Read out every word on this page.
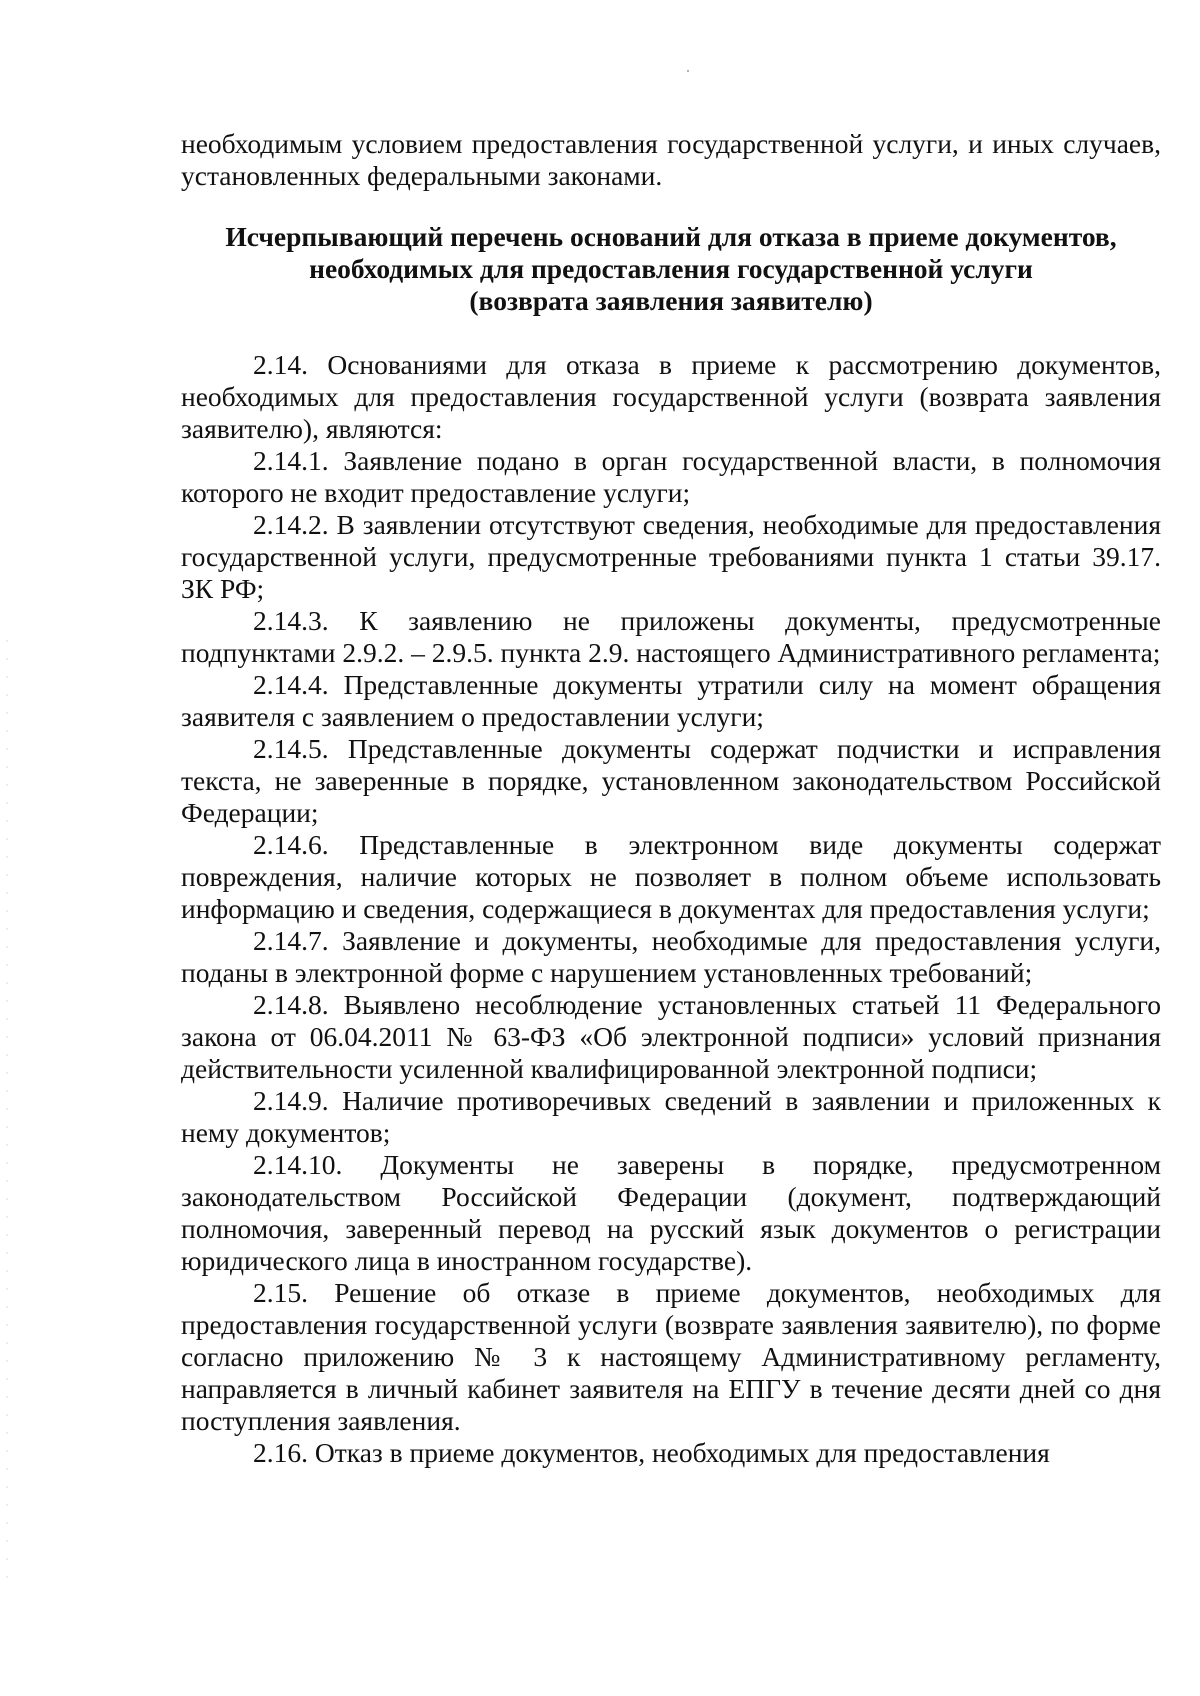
необходимым условием предоставления государственной услуги, и иных случаев, установленных федеральными законами.

Исчерпывающий перечень оснований для отказа в приеме документов,
необходимых для предоставления государственной услуги
(возврата заявления заявителю)

2.14. Основаниями для отказа в приеме к рассмотрению документов, необходимых для предоставления государственной услуги (возврата заявления заявителю), являются:

2.14.1. Заявление подано в орган государственной власти, в полномочия которого не входит предоставление услуги;

2.14.2. В заявлении отсутствуют сведения, необходимые для предоставления государственной услуги, предусмотренные требованиями пункта 1 статьи 39.17. ЗК РФ;

2.14.3. К заявлению не приложены документы, предусмотренные подпунктами 2.9.2. – 2.9.5. пункта 2.9. настоящего Административного регламента;

2.14.4. Представленные документы утратили силу на момент обращения заявителя с заявлением о предоставлении услуги;

2.14.5. Представленные документы содержат подчистки и исправления текста, не заверенные в порядке, установленном законодательством Российской Федерации;

2.14.6. Представленные в электронном виде документы содержат повреждения, наличие которых не позволяет в полном объеме использовать информацию и сведения, содержащиеся в документах для предоставления услуги;

2.14.7. Заявление и документы, необходимые для предоставления услуги, поданы в электронной форме с нарушением установленных требований;

2.14.8. Выявлено несоблюдение установленных статьей 11 Федерального закона от 06.04.2011 № 63-ФЗ «Об электронной подписи» условий признания действительности усиленной квалифицированной электронной подписи;

2.14.9. Наличие противоречивых сведений в заявлении и приложенных к нему документов;

2.14.10. Документы не заверены в порядке, предусмотренном законодательством Российской Федерации (документ, подтверждающий полномочия, заверенный перевод на русский язык документов о регистрации юридического лица в иностранном государстве).

2.15. Решение об отказе в приеме документов, необходимых для предоставления государственной услуги (возврате заявления заявителю), по форме согласно приложению № 3 к настоящему Административному регламенту, направляется в личный кабинет заявителя на ЕПГУ в течение десяти дней со дня поступления заявления.

2.16. Отказ в приеме документов, необходимых для предоставления
